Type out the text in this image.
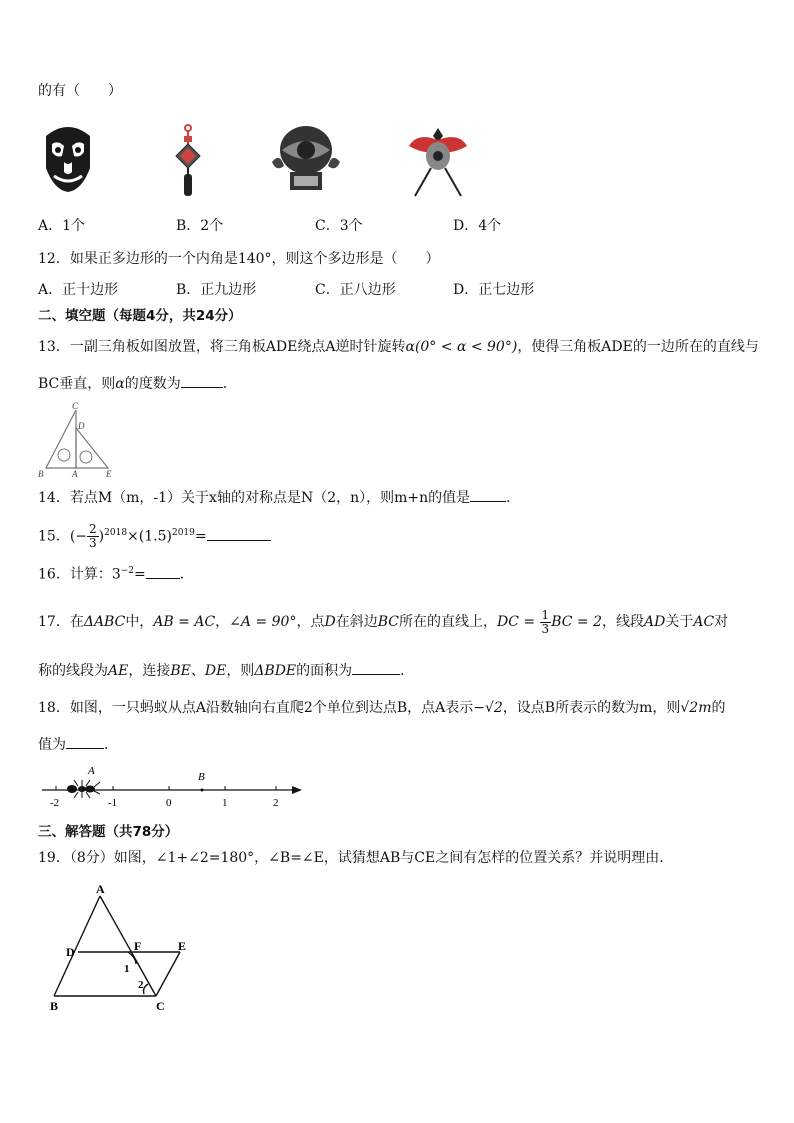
的有（　　）
A．1个	B．2个	C．3个	D．4个
12．如果正多边形的一个内角是140°，则这个多边形是（　　）
A．正十边形	B．正九边形	C．正八边形	D．正七边形
二、填空题（每题4分，共24分）
13．一副三角板如图放置，将三角板ADE绕点A逆时针旋转α(0° < α < 90°)，使得三角板ADE的一边所在的直线与
BC垂直，则α的度数为	.
C
D
B	A	E
14．若点M（m，-1）关于x轴的对称点是N（2，n），则m+n的值是	．
15．(− $\frac{2}{3} )^{2018}\times(1.5)^{2019}=$
16．计算：$3^{-2}=$ ．
17．在ΔABC中，AB = AC，∠A = 90°，点D在斜边BC所在的直线上，DC = $\frac{1}{3}$ BC = 2，线段AD关于AC对
称的线段为AE，连接BE、DE，则ΔBDE的面积为	．
18．如图，一只蚂蚁从点A沿数轴向右直爬2个单位到达点B，点A表示−√2，设点B所表示的数为m，则√2m的
值为	．
A	B
-2	-1	0	1	2
三、解答题（共78分）
19．（8分）如图，∠1+∠2=180°，∠B=∠E，试猜想AB与CE之间有怎样的位置关系？并说明理由．
A
D	F	E
1
2
B	C
